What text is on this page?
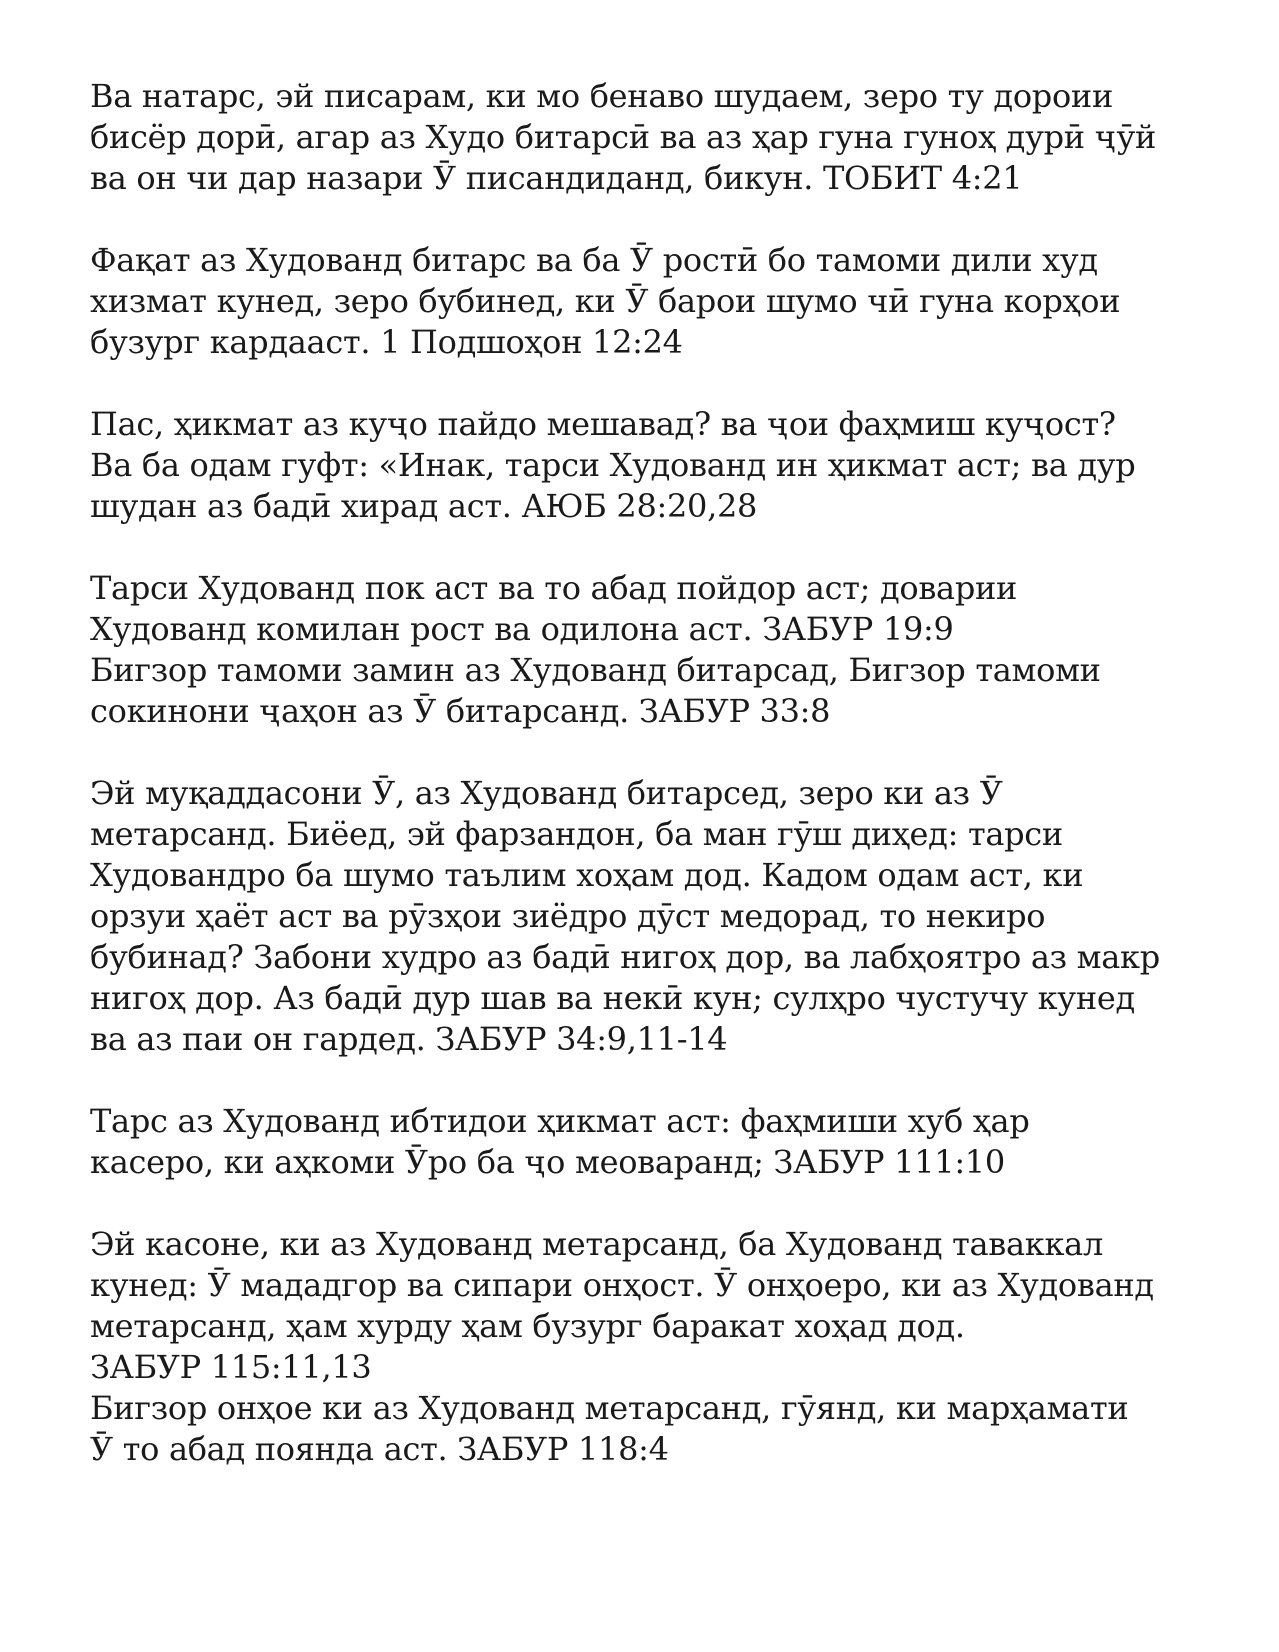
Ва натарс, эй писарам, ки мо бенаво шудаем, зеро ту дороии
бисёр дорӣ, агар аз Худо битарсӣ ва аз ҳар гуна гуноҳ дурӣ ҷӯй
ва он чи дар назари Ӯ писандиданд, бикун. ТОБИТ 4:21
Фақат аз Худованд битарс ва ба Ӯ ростӣ бо тамоми дили худ
хизмат кунед, зеро бубинед, ки Ӯ барои шумо чӣ гуна корҳои
бузург кардааст. 1 Подшоҳон 12:24
Пас, ҳикмат аз куҷо пайдо мешавад? ва ҷои фаҳмиш куҷост?
Ва ба одам гуфт: «Инак, тарси Худованд ин ҳикмат аст; ва дур
шудан аз бадӣ хирад аст. АЮБ 28:20,28
Тарси Худованд пок аст ва то абад пойдор аст; доварии
Худованд комилан рост ва одилона аст. ЗАБУР 19:9
Бигзор тамоми замин аз Худованд битарсад, Бигзор тамоми
сокинони ҷаҳон аз Ӯ битарсанд. ЗАБУР 33:8
Эй муқаддасони Ӯ, аз Худованд битарсед, зеро ки аз Ӯ
метарсанд. Биёед, эй фарзандон, ба ман гӯш диҳед: тарси
Худовандро ба шумо таълим хоҳам дод. Кадом одам аст, ки
орзуи ҳаёт аст ва рӯзҳои зиёдро дӯст медорад, то некиро
бубинад? Забони худро аз бадӣ нигоҳ дор, ва лабҳоятро аз макр
нигоҳ дор. Аз бадӣ дур шав ва некӣ кун; сулҳро чустучу кунед
ва аз паи он гардед. ЗАБУР 34:9,11-14
Тарс аз Худованд ибтидои ҳикмат аст: фаҳмиши хуб ҳар
касеро, ки аҳкоми Ӯро ба ҷо меоваранд; ЗАБУР 111:10
Эй касоне, ки аз Худованд метарсанд, ба Худованд таваккал
кунед: Ӯ мададгор ва сипари онҳост. Ӯ онҳоеро, ки аз Худованд
метарсанд, ҳам хурду ҳам бузург баракат хоҳад дод.
ЗАБУР 115:11,13
Бигзор онҳое ки аз Худованд метарсанд, гӯянд, ки марҳамати
Ӯ то абад поянда аст. ЗАБУР 118:4
